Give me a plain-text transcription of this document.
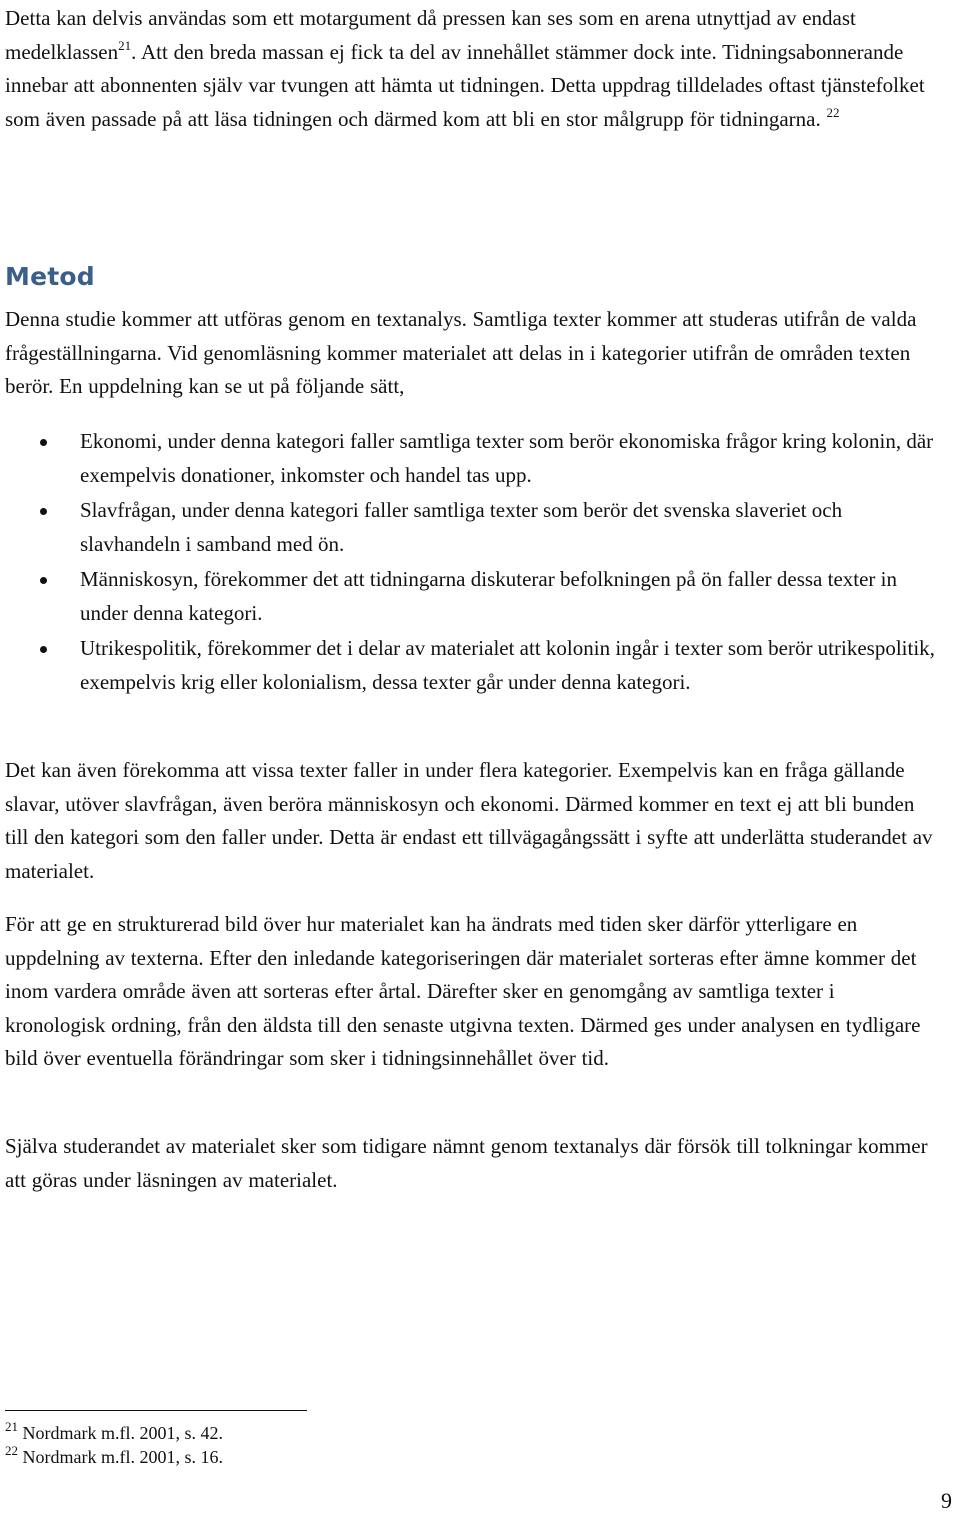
Detta kan delvis användas som ett motargument då pressen kan ses som en arena utnyttjad av endast medelklassen$^{21}$. Att den breda massan ej fick ta del av innehållet stämmer dock inte. Tidningsabonnerande innebar att abonnenten själv var tvungen att hämta ut tidningen. Detta uppdrag tilldelades oftast tjänstefolket som även passade på att läsa tidningen och därmed kom att bli en stor målgrupp för tidningarna. $^{22}$

Metod

Denna studie kommer att utföras genom en textanalys. Samtliga texter kommer att studeras utifrån de valda frågeställningarna. Vid genomläsning kommer materialet att delas in i kategorier utifrån de områden texten berör. En uppdelning kan se ut på följande sätt,

Ekonomi, under denna kategori faller samtliga texter som berör ekonomiska frågor kring kolonin, där exempelvis donationer, inkomster och handel tas upp.
Slavfrågan, under denna kategori faller samtliga texter som berör det svenska slaveriet och slavhandeln i samband med ön.
Människosyn, förekommer det att tidningarna diskuterar befolkningen på ön faller dessa texter in under denna kategori.
Utrikespolitik, förekommer det i delar av materialet att kolonin ingår i texter som berör utrikespolitik, exempelvis krig eller kolonialism, dessa texter går under denna kategori.

Det kan även förekomma att vissa texter faller in under flera kategorier. Exempelvis kan en fråga gällande slavar, utöver slavfrågan, även beröra människosyn och ekonomi. Därmed kommer en text ej att bli bunden till den kategori som den faller under. Detta är endast ett tillvägagångssätt i syfte att underlätta studerandet av materialet.

För att ge en strukturerad bild över hur materialet kan ha ändrats med tiden sker därför ytterligare en uppdelning av texterna. Efter den inledande kategoriseringen där materialet sorteras efter ämne kommer det inom vardera område även att sorteras efter årtal. Därefter sker en genomgång av samtliga texter i kronologisk ordning, från den äldsta till den senaste utgivna texten. Därmed ges under analysen en tydligare bild över eventuella förändringar som sker i tidningsinnehållet över tid.

Själva studerandet av materialet sker som tidigare nämnt genom textanalys där försök till tolkningar kommer att göras under läsningen av materialet.

$^{21}$ Nordmark m.fl. 2001, s. 42.

$^{22}$ Nordmark m.fl. 2001, s. 16.

9
